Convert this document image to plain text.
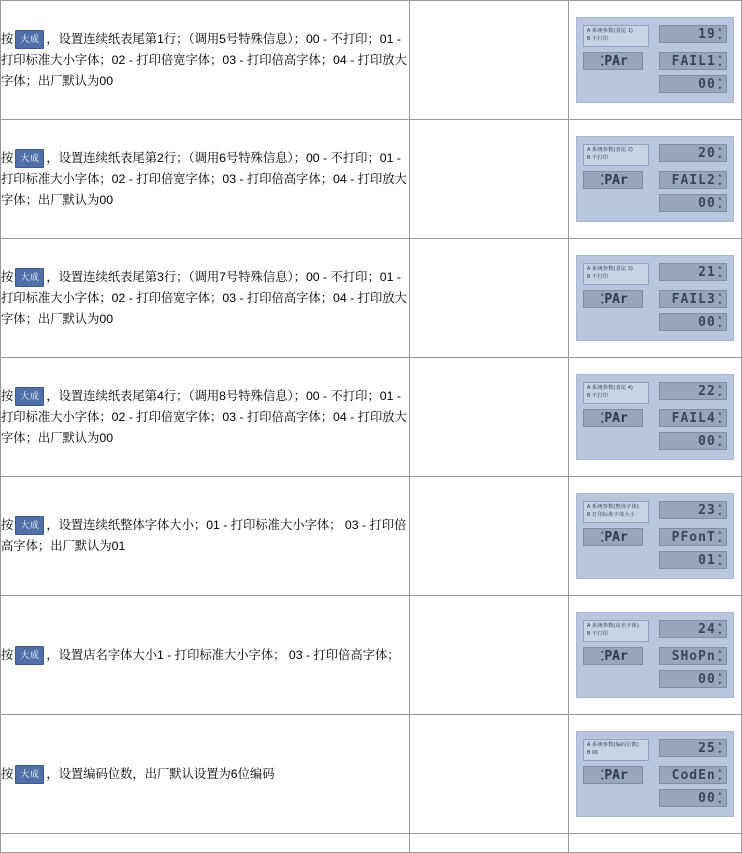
按 大成 ，设置连续纸表尾第1行；（调用5号特殊信息）；00 - 不打印；01 - 打印标准大小字体；02 - 打印倍宽字体；03 - 打印倍高字体；04 - 打印放大字体；出厂默认为00

A系统参数(表尾 1)
B不打印	19 ▴
▾
▴
▾ PAr	FAIL1 ▴
▾
00 ▴
▾

按 大成 ，设置连续纸表尾第2行；（调用6号特殊信息）；00 - 不打印；01 - 打印标准大小字体；02 - 打印倍宽字体；03 - 打印倍高字体；04 - 打印放大字体；出厂默认为00

A系统参数(表尾 2)
B不打印	20 ▴
▾
▴
▾ PAr	FAIL2 ▴
▾
00 ▴
▾

按 大成 ，设置连续纸表尾第3行；（调用7号特殊信息）；00 - 不打印；01 - 打印标准大小字体；02 - 打印倍宽字体；03 - 打印倍高字体；04 - 打印放大字体；出厂默认为00

A系统参数(表尾 3)
B不打印	21 ▴
▾
▴
▾ PAr	FAIL3 ▴
▾
00 ▴
▾

按 大成 ，设置连续纸表尾第4行；（调用8号特殊信息）；00 - 不打印；01 - 打印标准大小字体；02 - 打印倍宽字体；03 - 打印倍高字体；04 - 打印放大字体；出厂默认为00

A系统参数(表尾 4)
B不打印	22 ▴
▾
▴
▾ PAr	FAIL4 ▴
▾
00 ▴
▾

按 大成 ，设置连续纸整体字体大小；01 - 打印标准大小字体； 03 - 打印倍高字体；出厂默认为01

A系统参数(整体字体)
B打印标准字体大小	23 ▴
▾
▴
▾ PAr	PFonT ▴
▾
01 ▴
▾

按 大成 ，设置店名字体大小1 - 打印标准大小字体； 03 - 打印倍高字体；

A系统参数(店名字体)
B不打印	24 ▴
▾
▴
▾ PAr	SHoPn ▴
▾
00 ▴
▾

按 大成 ，设置编码位数，出厂默认设置为6位编码

A系统参数(编码位数)
B06	25 ▴
▾
▴
▾ PAr	CodEn ▴
▾
00 ▴
▾
